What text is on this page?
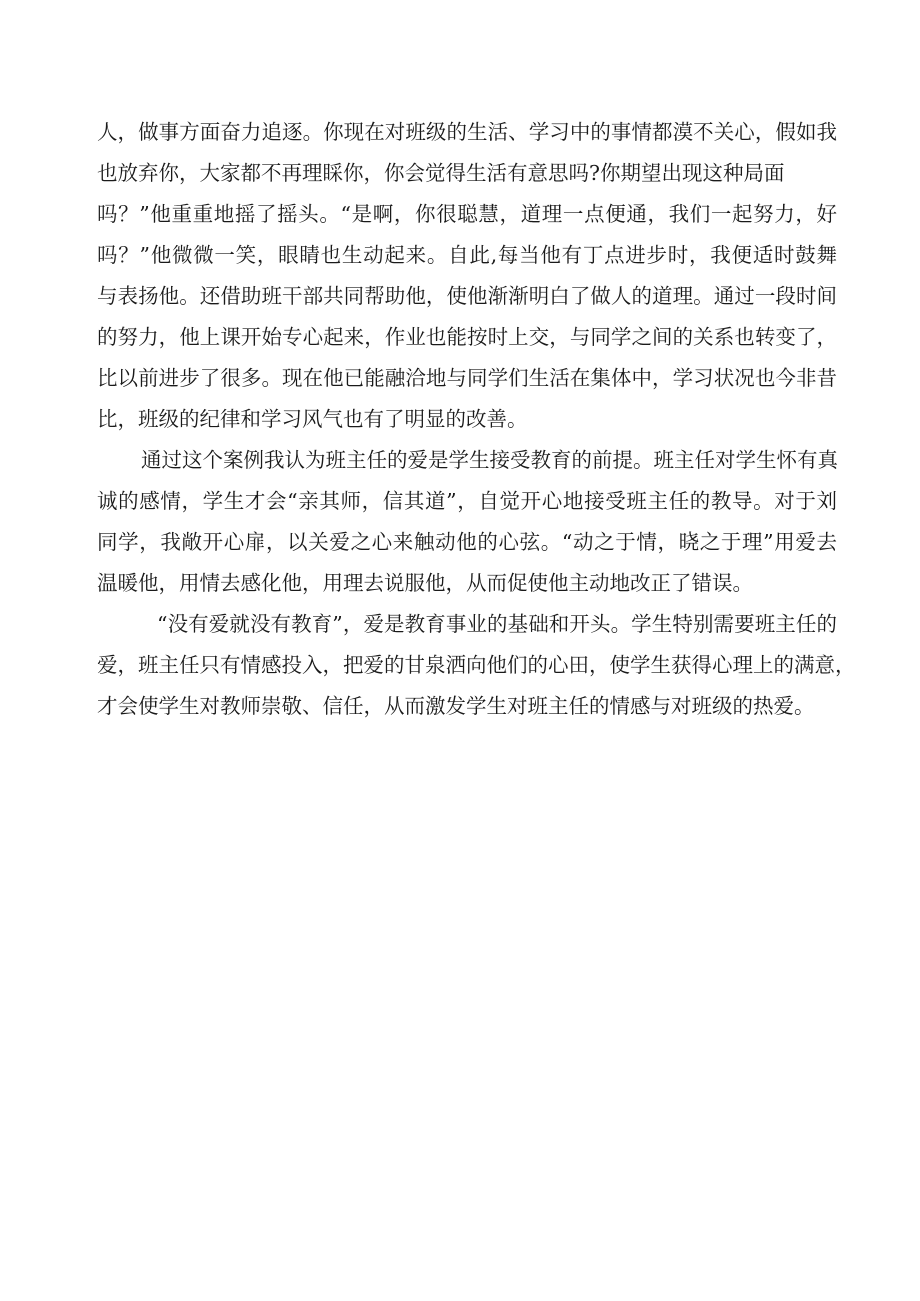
人，做事方面奋力追逐。你现在对班级的生活、学习中的事情都漠不关心，假如我
也放弃你，大家都不再理睬你，你会觉得生活有意思吗?你期望出现这种局面
吗？”他重重地摇了摇头。“是啊，你很聪慧，道理一点便通，我们一起努力，好
吗？”他微微一笑，眼睛也生动起来。自此,每当他有丁点进步时，我便适时鼓舞
与表扬他。还借助班干部共同帮助他，使他渐渐明白了做人的道理。通过一段时间
的努力，他上课开始专心起来，作业也能按时上交，与同学之间的关系也转变了，
比以前进步了很多。现在他已能融洽地与同学们生活在集体中，学习状况也今非昔
比，班级的纪律和学习风气也有了明显的改善。
通过这个案例我认为班主任的爱是学生接受教育的前提。班主任对学生怀有真
诚的感情，学生才会“亲其师，信其道”，自觉开心地接受班主任的教导。对于刘
同学，我敞开心扉，以关爱之心来触动他的心弦。“动之于情，晓之于理”用爱去
温暖他，用情去感化他，用理去说服他，从而促使他主动地改正了错误。
“没有爱就没有教育”，爱是教育事业的基础和开头。学生特别需要班主任的
爱，班主任只有情感投入，把爱的甘泉洒向他们的心田，使学生获得心理上的满意，
才会使学生对教师崇敬、信任，从而激发学生对班主任的情感与对班级的热爱。
